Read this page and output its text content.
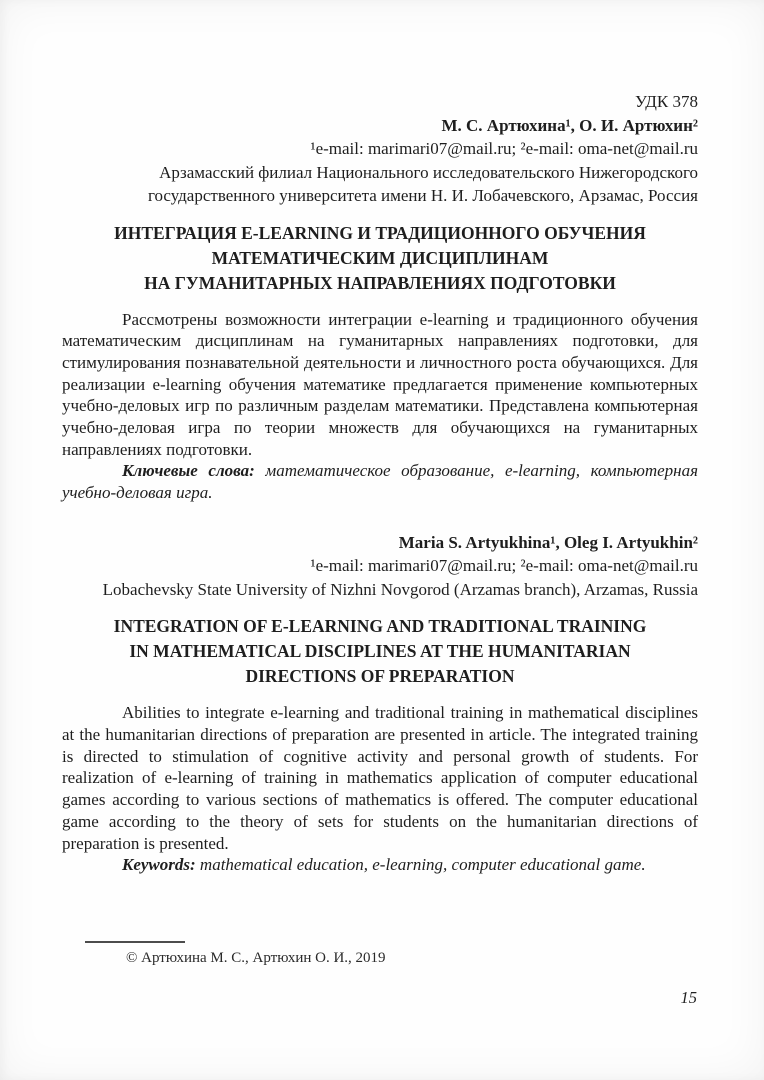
УДК 378
М. С. Артюхина¹, О. И. Артюхин²
¹e-mail: marimari07@mail.ru; ²e-mail: oma-net@mail.ru
Арзамасский филиал Национального исследовательского Нижегородского государственного университета имени Н. И. Лобачевского, Арзамас, Россия
ИНТЕГРАЦИЯ E-LEARNING И ТРАДИЦИОННОГО ОБУЧЕНИЯ
МАТЕМАТИЧЕСКИМ ДИСЦИПЛИНАМ
НА ГУМАНИТАРНЫХ НАПРАВЛЕНИЯХ ПОДГОТОВКИ

Рассмотрены возможности интеграции e-learning и традиционного обучения математическим дисциплинам на гуманитарных направлениях подготовки, для стимулирования познавательной деятельности и личностного роста обучающихся. Для реализации e-learning обучения математике предлагается применение компьютерных учебно-деловых игр по различным разделам математики. Представлена компьютерная учебно-деловая игра по теории множеств для обучающихся на гуманитарных направлениях подготовки.

Ключевые слова: математическое образование, e-learning, компьютерная учебно-деловая игра.

Maria S. Artyukhina¹, Oleg I. Artyukhin²
¹e-mail: marimari07@mail.ru; ²e-mail: oma-net@mail.ru
Lobachevsky State University of Nizhni Novgorod (Arzamas branch), Arzamas, Russia
INTEGRATION OF E-LEARNING AND TRADITIONAL TRAINING
IN MATHEMATICAL DISCIPLINES AT THE HUMANITARIAN
DIRECTIONS OF PREPARATION

Abilities to integrate e-learning and traditional training in mathematical disciplines at the humanitarian directions of preparation are presented in article. The integrated training is directed to stimulation of cognitive activity and personal growth of students. For realization of e-learning of training in mathematics application of computer educational games according to various sections of mathematics is offered. The computer educational game according to the theory of sets for students on the humanitarian directions of preparation is presented.

Keywords: mathematical education, e-learning, computer educational game.

© Артюхина М. С., Артюхин О. И., 2019
15
